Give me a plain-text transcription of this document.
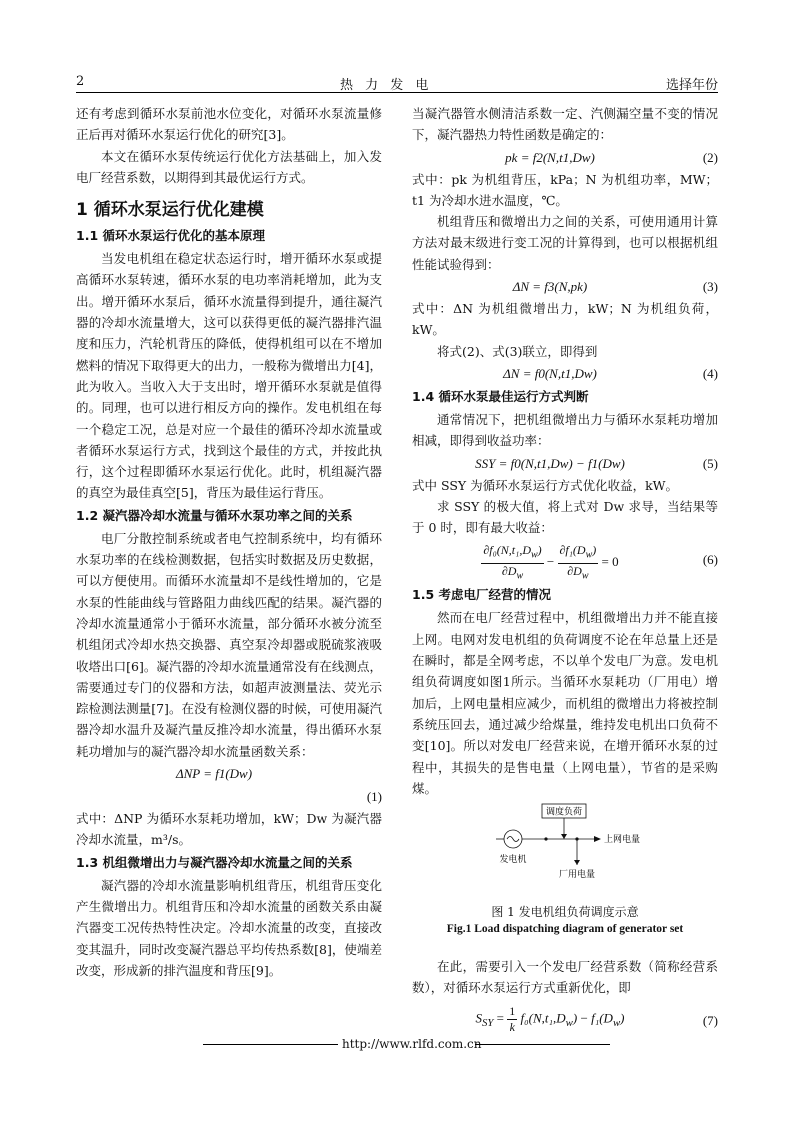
2	热 力 发 电	选择年份

还有考虑到循环水泵前池水位变化，对循环水泵流量修正后再对循环水泵运行优化的研究[3]。

本文在循环水泵传统运行优化方法基础上，加入发电厂经营系数，以期得到其最优运行方式。

1 循环水泵运行优化建模
1.1 循环水泵运行优化的基本原理

当发电机组在稳定状态运行时，增开循环水泵或提高循环水泵转速，循环水泵的电功率消耗增加，此为支出。增开循环水泵后，循环水流量得到提升，通往凝汽器的冷却水流量增大，这可以获得更低的凝汽器排汽温度和压力，汽轮机背压的降低，使得机组可以在不增加燃料的情况下取得更大的出力，一般称为微增出力[4]，此为收入。当收入大于支出时，增开循环水泵就是值得的。同理，也可以进行相反方向的操作。发电机组在每一个稳定工况，总是对应一个最佳的循环冷却水流量或者循环水泵运行方式，找到这个最佳的方式，并按此执行，这个过程即循环水泵运行优化。此时，机组凝汽器的真空为最佳真空[5]，背压为最佳运行背压。

1.2 凝汽器冷却水流量与循环水泵功率之间的关系

电厂分散控制系统或者电气控制系统中，均有循环水泵功率的在线检测数据，包括实时数据及历史数据，可以方便使用。而循环水流量却不是线性增加的，它是水泵的性能曲线与管路阻力曲线匹配的结果。凝汽器的冷却水流量通常小于循环水流量，部分循环水被分流至机组闭式冷却水热交换器、真空泵冷却器或脱硫浆液吸收塔出口[6]。凝汽器的冷却水流量通常没有在线测点，需要通过专门的仪器和方法，如超声波测量法、荧光示踪检测法测量[7]。在没有检测仪器的时候，可使用凝汽器冷却水温升及凝汽量反推冷却水流量，得出循环水泵耗功增加与的凝汽器冷却水流量函数关系：

ΔNP = f1(Dw)
(1)

式中：ΔNP 为循环水泵耗功增加，kW；Dw 为凝汽器冷却水流量，m³/s。

1.3 机组微增出力与凝汽器冷却水流量之间的关系

凝汽器的冷却水流量影响机组背压，机组背压变化产生微增出力。机组背压和冷却水流量的函数关系由凝汽器变工况传热特性决定。冷却水流量的改变，直接改变其温升，同时改变凝汽器总平均传热系数[8]，使端差改变，形成新的排汽温度和背压[9]。

当凝汽器管水侧清洁系数一定、汽侧漏空量不变的情况下，凝汽器热力特性函数是确定的：

pk = f2(N,t1,Dw)	(2)

式中：pk 为机组背压，kPa；N 为机组功率，MW；t1 为冷却水进水温度，℃。

机组背压和微增出力之间的关系，可使用通用计算方法对最末级进行变工况的计算得到，也可以根据机组性能试验得到：

ΔN = f3(N,pk)	(3)

式中：ΔN 为机组微增出力，kW；N 为机组负荷，kW。

将式(2)、式(3)联立，即得到

ΔN = f0(N,t1,Dw)	(4)
1.4 循环水泵最佳运行方式判断

通常情况下，把机组微增出力与循环水泵耗功增加相减，即得到收益功率：

SSY = f0(N,t1,Dw) − f1(Dw)	(5)

式中 SSY 为循环水泵运行方式优化收益，kW。

求 SSY 的极大值，将上式对 Dw 求导，当结果等于 0 时，即有最大收益：

$\frac{\partial f_0(N,t_1,D_w)}{\partial D_w} - \frac{\partial f_1(D_w)}{\partial D_w} = 0$	(6)
1.5 考虑电厂经营的情况

然而在电厂经营过程中，机组微增出力并不能直接上网。电网对发电机组的负荷调度不论在年总量上还是在瞬时，都是全网考虑，不以单个发电厂为意。发电机组负荷调度如图1所示。当循环水泵耗功（厂用电）增加后，上网电量相应减少，而机组的微增出力将被控制系统压回去，通过减少给煤量，维持发电机出口负荷不变[10]。所以对发电厂经营来说，在增开循环水泵的过程中，其损失的是售电量（上网电量），节省的是采购煤。

调度负荷
上网电量
发电机
厂用电量
图 1 发电机组负荷调度示意
Fig.1 Load dispatching diagram of generator set

在此，需要引入一个发电厂经营系数（简称经营系数），对循环水泵运行方式重新优化，即

$S_{SY} = \frac{1}{k} f_0(N,t_1,D_w) - f_1(D_w)$	(7)
http://www.rlfd.com.cn
